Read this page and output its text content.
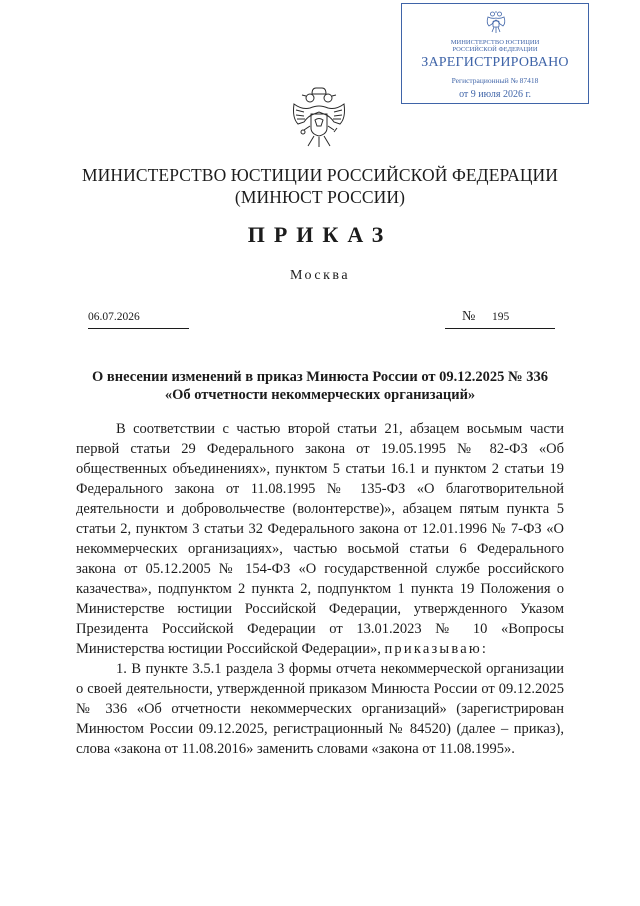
МИНИСТЕРСТВО ЮСТИЦИИ
РОССИЙСКОЙ ФЕДЕРАЦИИ
ЗАРЕГИСТРИРОВАНО
Регистрационный № 87418
от 9 июля 2026 г.
МИНИСТЕРСТВО ЮСТИЦИИ РОССИЙСКОЙ ФЕДЕРАЦИИ
(МИНЮСТ РОССИИ)
ПРИКАЗ
Москва
06.07.2026	№ 195
О внесении изменений в приказ Минюста России от 09.12.2025 № 336
«Об отчетности некоммерческих организаций»

В соответствии с частью второй статьи 21, абзацем восьмым части первой статьи 29 Федерального закона от 19.05.1995 № 82-ФЗ «Об общественных объединениях», пунктом 5 статьи 16.1 и пунктом 2 статьи 19 Федерального закона от 11.08.1995 № 135-ФЗ «О благотворительной деятельности и добровольчестве (волонтерстве)», абзацем пятым пункта 5 статьи 2, пунктом 3 статьи 32 Федерального закона от 12.01.1996 № 7-ФЗ «О некоммерческих организациях», частью восьмой статьи 6 Федерального закона от 05.12.2005 № 154-ФЗ «О государственной службе российского казачества», подпунктом 2 пункта 2, подпунктом 1 пункта 19 Положения о Министерстве юстиции Российской Федерации, утвержденного Указом Президента Российской Федерации от 13.01.2023 № 10 «Вопросы Министерства юстиции Российской Федерации», приказываю:

1. В пункте 3.5.1 раздела 3 формы отчета некоммерческой организации о своей деятельности, утвержденной приказом Минюста России от 09.12.2025 № 336 «Об отчетности некоммерческих организаций» (зарегистрирован Минюстом России 09.12.2025, регистрационный № 84520) (далее – приказ), слова «закона от 11.08.2016» заменить словами «закона от 11.08.1995».
